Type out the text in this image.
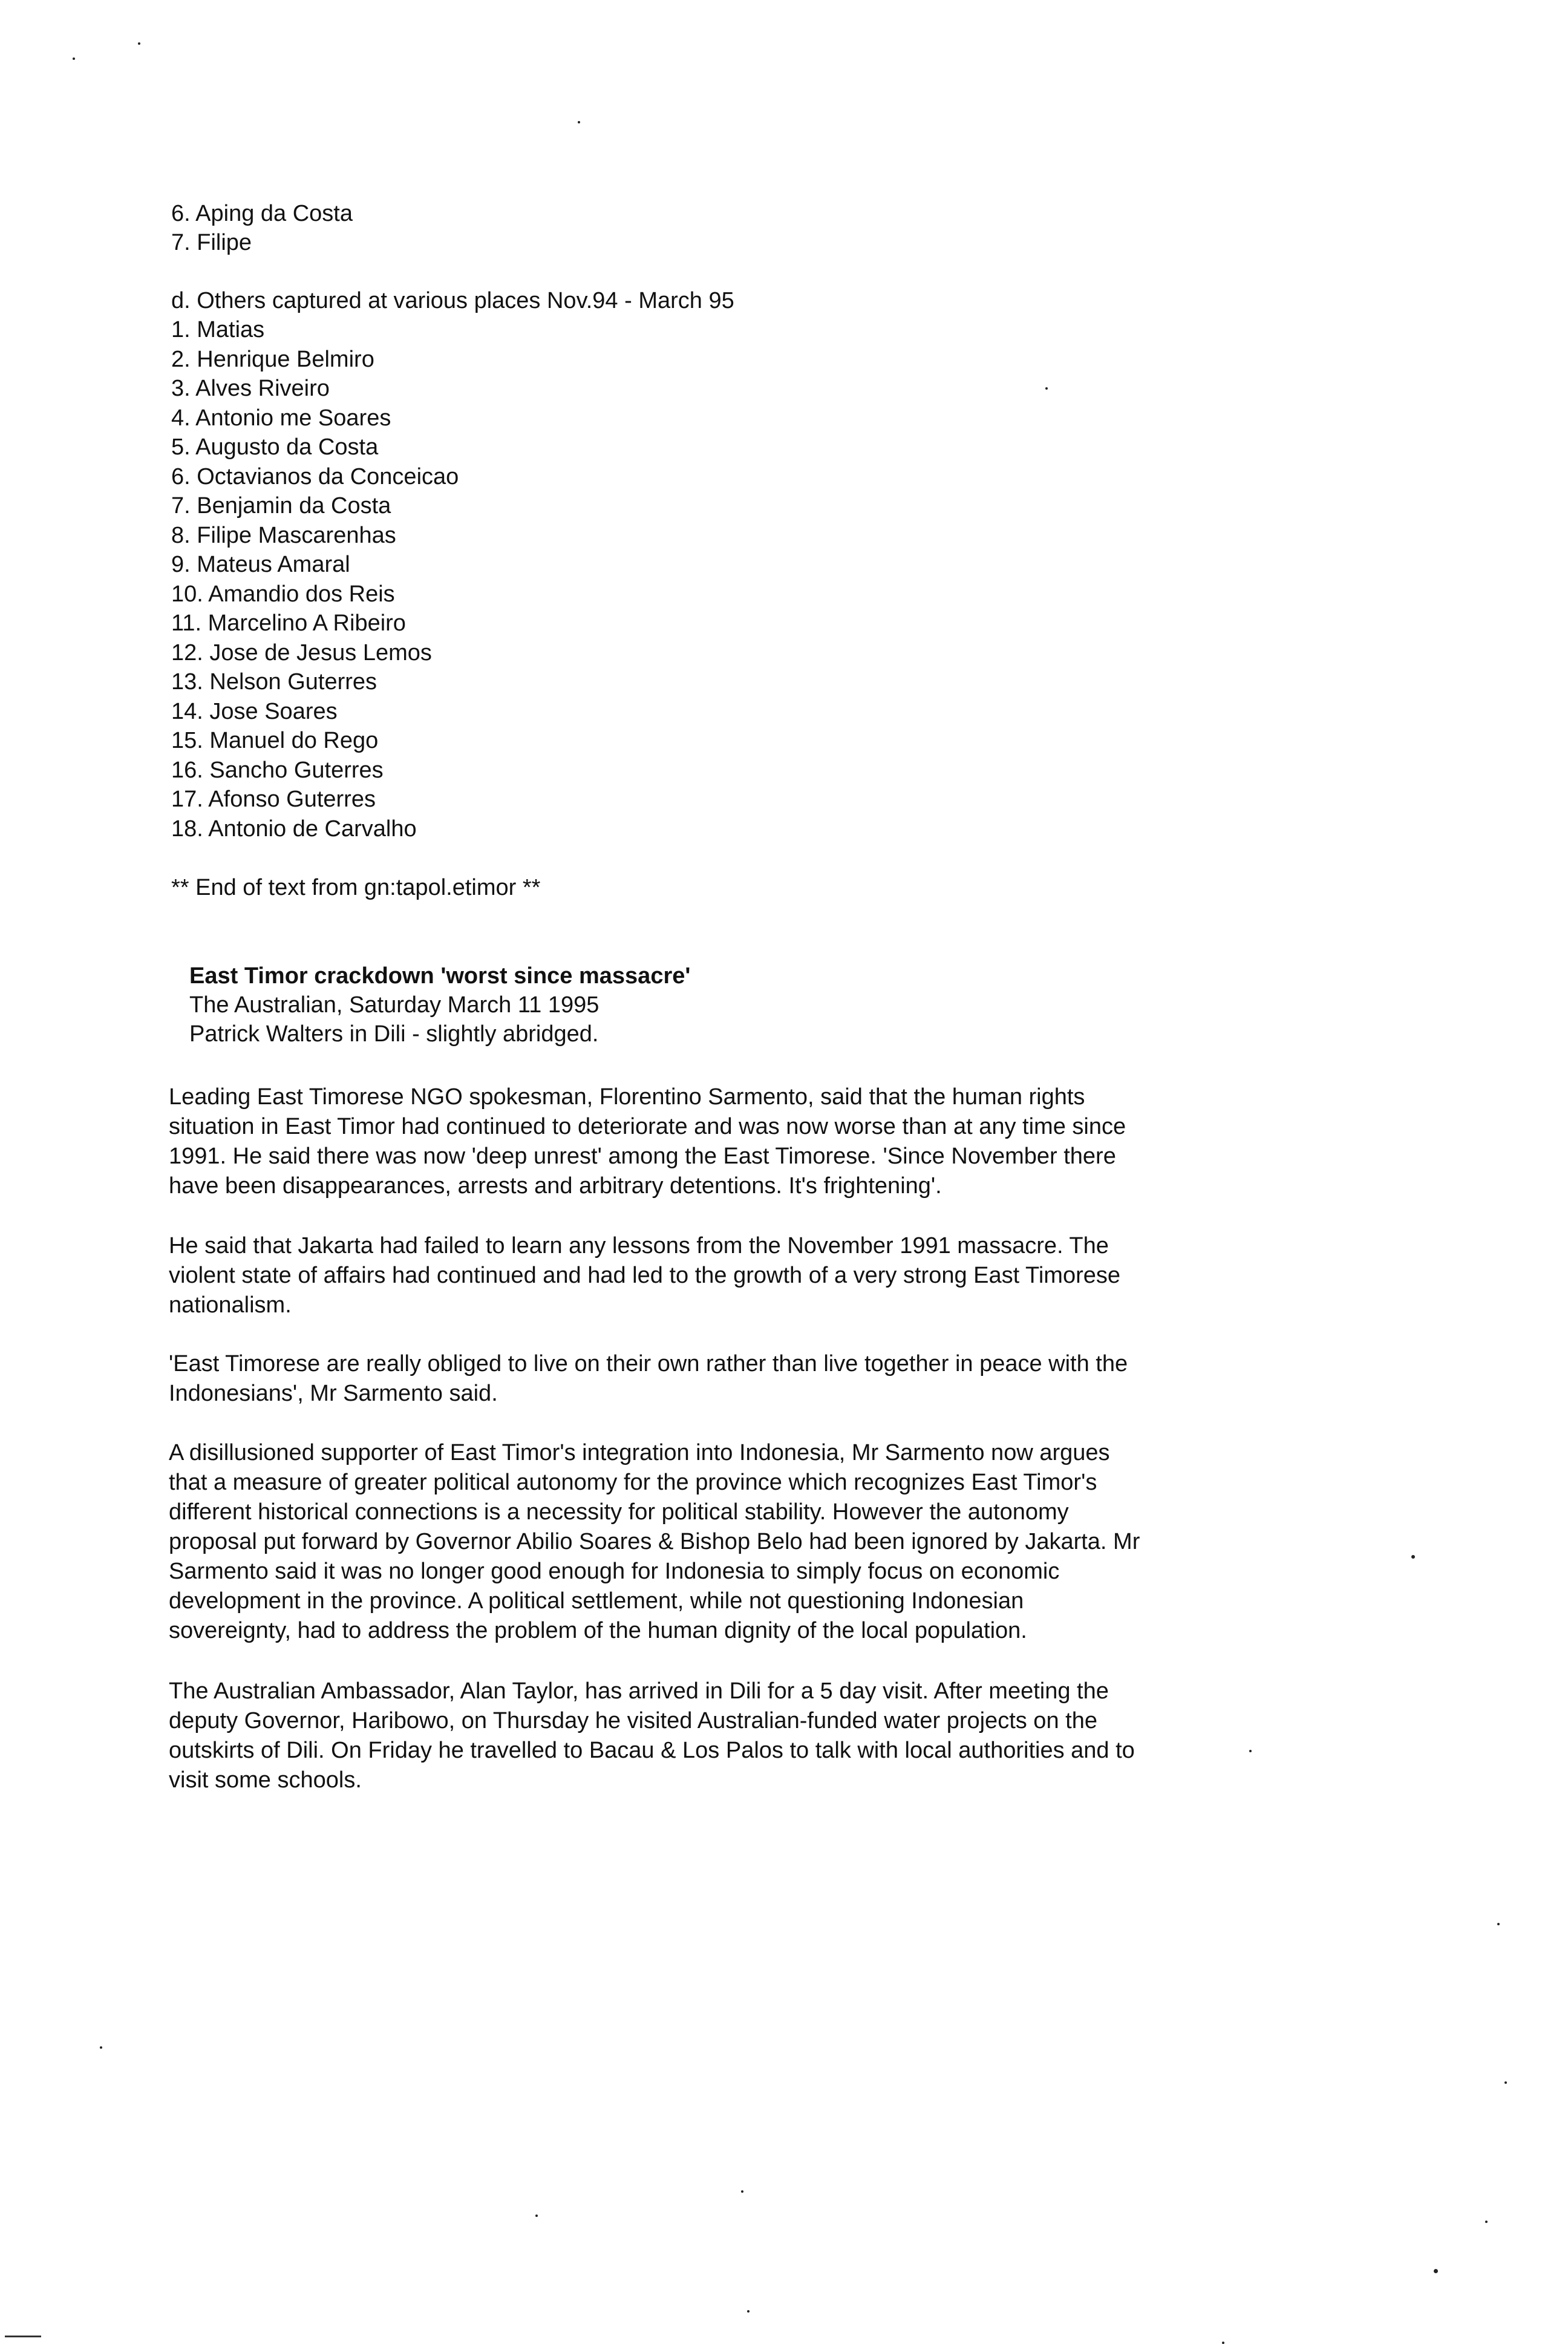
6. Aping da Costa
7. Filipe
d. Others captured at various places Nov.94 - March 95
1. Matias
2. Henrique Belmiro
3. Alves Riveiro
4. Antonio me Soares
5. Augusto da Costa
6. Octavianos da Conceicao
7. Benjamin da Costa
8. Filipe Mascarenhas
9. Mateus Amaral
10. Amandio dos Reis
11. Marcelino A Ribeiro
12. Jose de Jesus Lemos
13. Nelson Guterres
14. Jose Soares
15. Manuel do Rego
16. Sancho Guterres
17. Afonso Guterres
18. Antonio de Carvalho
** End of text from gn:tapol.etimor **
East Timor crackdown 'worst since massacre'
The Australian, Saturday March 11 1995
Patrick Walters in Dili - slightly abridged.
Leading East Timorese NGO spokesman, Florentino Sarmento, said that the human rights
situation in East Timor had continued to deteriorate and was now worse than at any time since
1991. He said there was now 'deep unrest' among the East Timorese. 'Since November there
have been disappearances, arrests and arbitrary detentions. It's frightening'.
He said that Jakarta had failed to learn any lessons from the November 1991 massacre. The
violent state of affairs had continued and had led to the growth of a very strong East Timorese
nationalism.
'East Timorese are really obliged to live on their own rather than live together in peace with the
Indonesians', Mr Sarmento said.
A disillusioned supporter of East Timor's integration into Indonesia, Mr Sarmento now argues
that a measure of greater political autonomy for the province which recognizes East Timor's
different historical connections is a necessity for political stability. However the autonomy
proposal put forward by Governor Abilio Soares & Bishop Belo had been ignored by Jakarta. Mr
Sarmento said it was no longer good enough for Indonesia to simply focus on economic
development in the province. A political settlement, while not questioning Indonesian
sovereignty, had to address the problem of the human dignity of the local population.
The Australian Ambassador, Alan Taylor, has arrived in Dili for a 5 day visit. After meeting the
deputy Governor, Haribowo, on Thursday he visited Australian-funded water projects on the
outskirts of Dili. On Friday he travelled to Bacau & Los Palos to talk with local authorities and to
visit some schools.
